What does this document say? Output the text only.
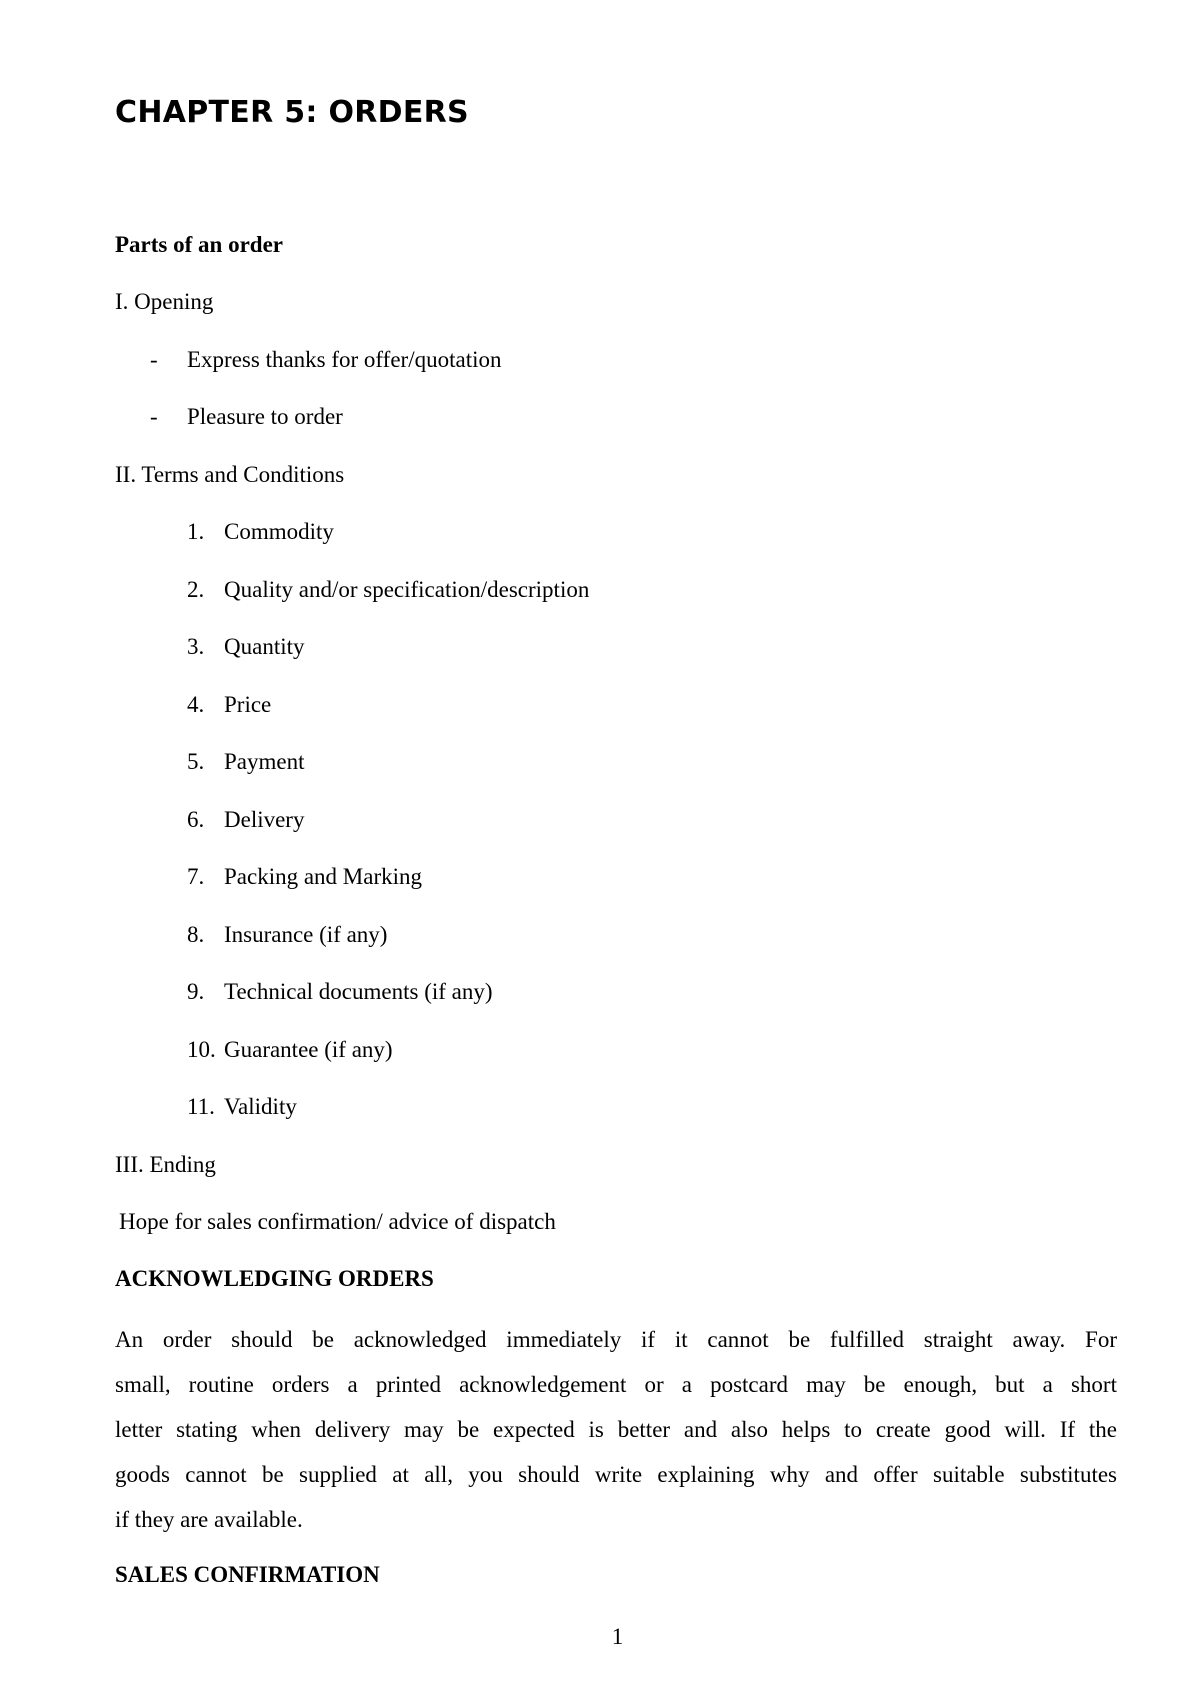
CHAPTER 5: ORDERS
Parts of an order
I. Opening
- Express thanks for offer/quotation
- Pleasure to order
II. Terms and Conditions
1. Commodity
2. Quality and/or specification/description
3. Quantity
4. Price
5. Payment
6. Delivery
7. Packing and Marking
8. Insurance (if any)
9. Technical documents (if any)
10. Guarantee (if any)
11. Validity
III. Ending
Hope for sales confirmation/ advice of dispatch
ACKNOWLEDGING ORDERS
An order should be acknowledged immediately if it cannot be fulfilled straight away. For
small, routine orders a printed acknowledgement or a postcard may be enough, but a short
letter stating when delivery may be expected is better and also helps to create good will. If the
goods cannot be supplied at all, you should write explaining why and offer suitable substitutes
if they are available.
SALES CONFIRMATION
1
